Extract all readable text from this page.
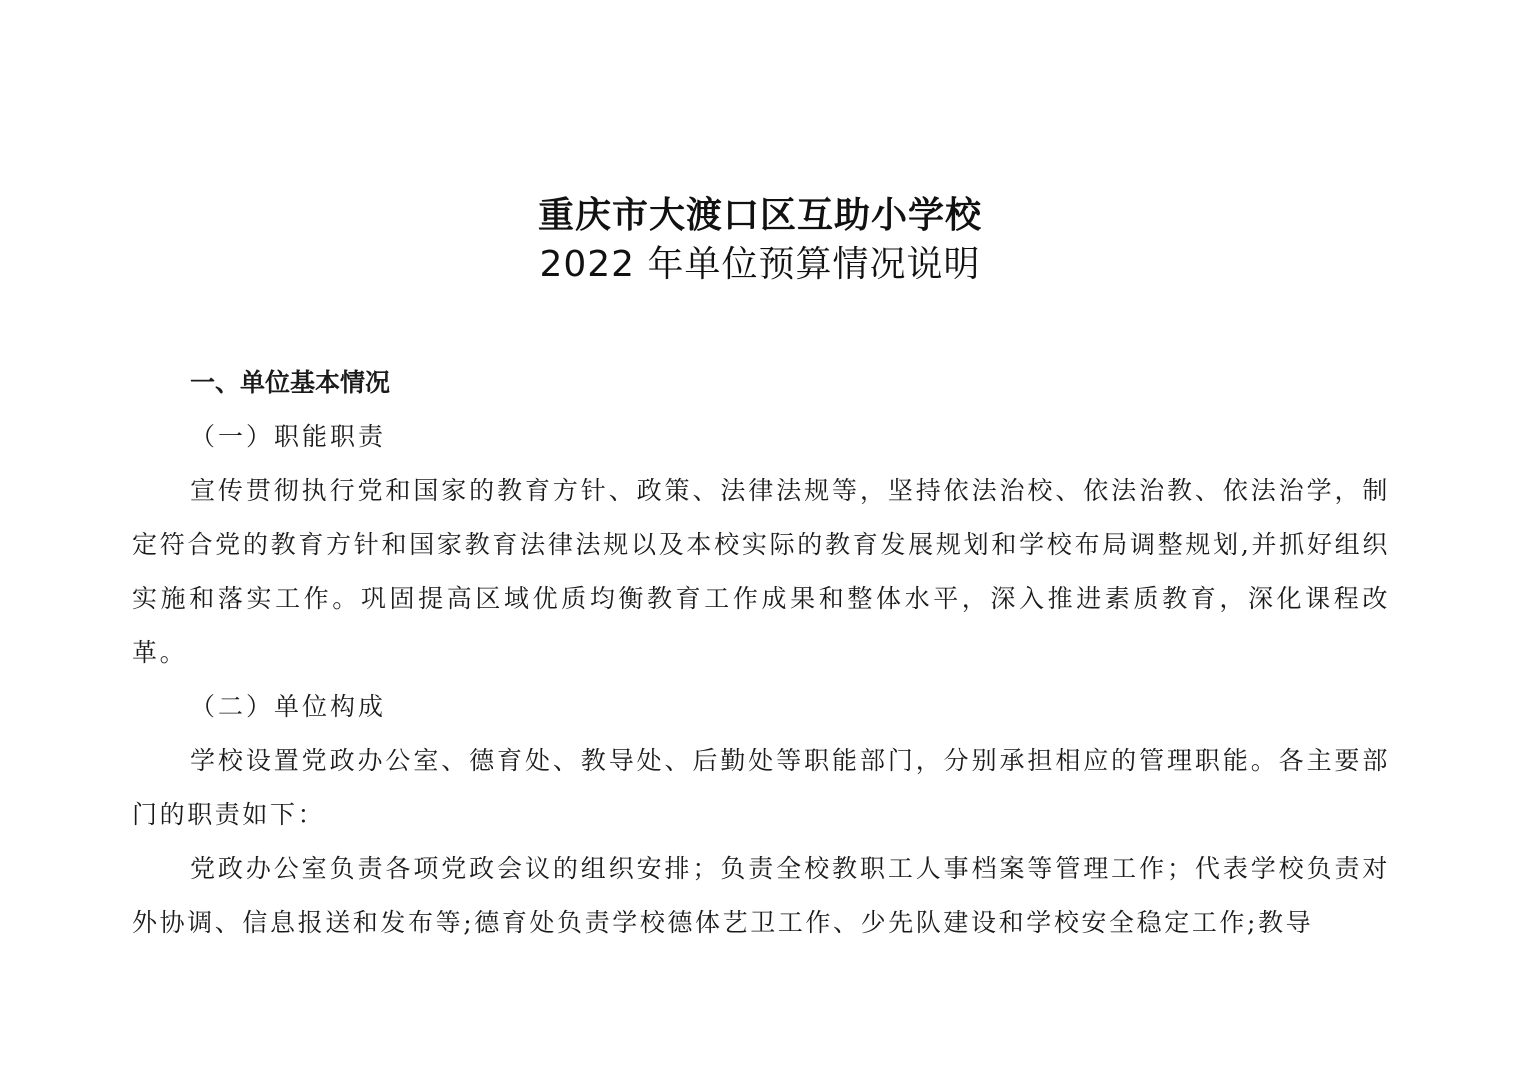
重庆市大渡口区互助小学校
2022 年单位预算情况说明

一、单位基本情况

（一）职能职责

宣传贯彻执行党和国家的教育方针、政策、法律法规等，坚持依法治校、依法治教、依法治学，制定符合党的教育方针和国家教育法律法规以及本校实际的教育发展规划和学校布局调整规划,并抓好组织实施和落实工作。巩固提高区域优质均衡教育工作成果和整体水平，深入推进素质教育，深化课程改革。

（二）单位构成

学校设置党政办公室、德育处、教导处、后勤处等职能部门，分别承担相应的管理职能。各主要部门的职责如下：

党政办公室负责各项党政会议的组织安排；负责全校教职工人事档案等管理工作；代表学校负责对外协调、信息报送和发布等;德育处负责学校德体艺卫工作、少先队建设和学校安全稳定工作;教导
